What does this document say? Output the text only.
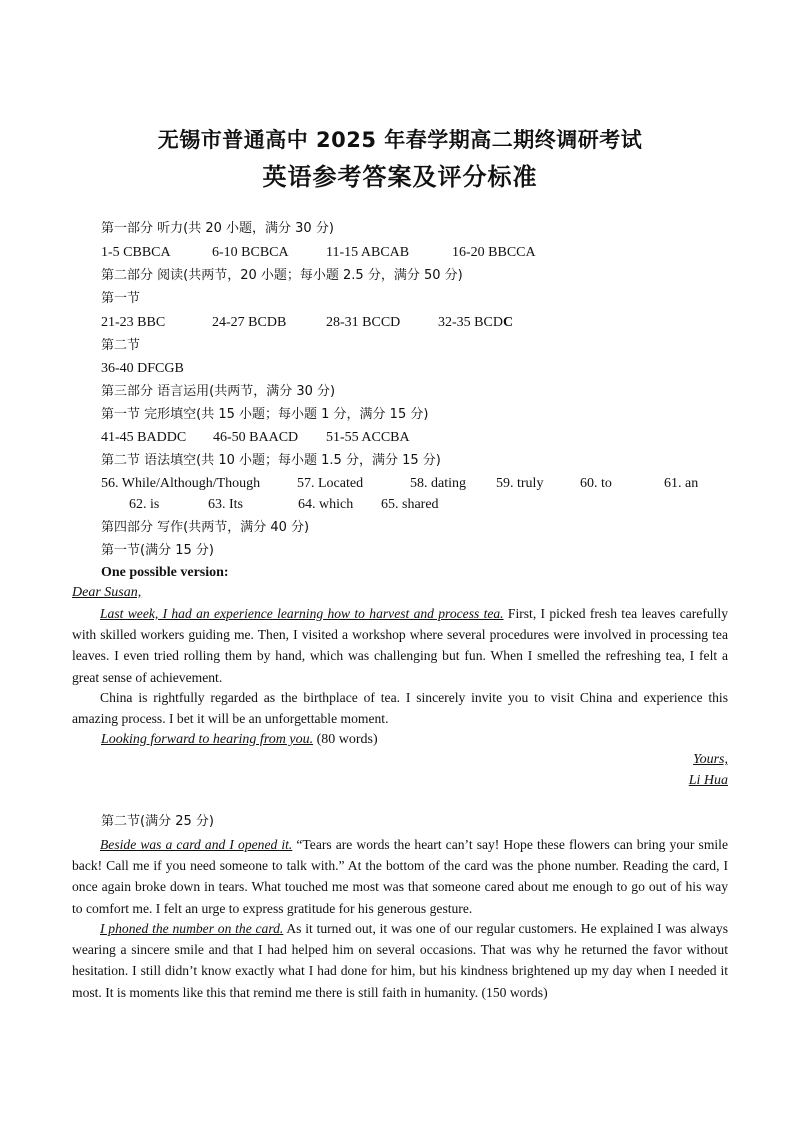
无锡市普通高中 2025 年春学期高二期终调研考试
英语参考答案及评分标准
第一部分 听力(共 20 小题，满分 30 分)
1-5 CBBCA	6-10 BCBCA	11-15 ABCAB	16-20 BBCCA
第二部分 阅读(共两节，20 小题；每小题 2.5 分，满分 50 分)
第一节
21-23 BBC	24-27 BCDB	28-31 BCCD	32-35 BCDC
第二节
36-40 DFCGB
第三部分 语言运用(共两节，满分 30 分)
第一节 完形填空(共 15 小题；每小题 1 分，满分 15 分)
41-45 BADDC 46-50 BAACD 51-55 ACCBA
第二节 语法填空(共 10 小题；每小题 1.5 分，满分 15 分)
56. While/Although/Though	57. Located	58. dating 59. truly	60. to	61. an
62. is	63. Its	64. which 65. shared
第四部分 写作(共两节，满分 40 分)
第一节(满分 15 分)
One possible version:
Dear Susan,
Last week, I had an experience learning how to harvest and process tea. First, I picked fresh tea leaves carefully with skilled workers guiding me. Then, I visited a workshop where several procedures were involved in processing tea leaves. I even tried rolling them by hand, which was challenging but fun. When I smelled the refreshing tea, I felt a great sense of achievement.
China is rightfully regarded as the birthplace of tea. I sincerely invite you to visit China and experience this amazing process. I bet it will be an unforgettable moment.
Looking forward to hearing from you. (80 words)
Yours,
Li Hua
第二节(满分 25 分)
Beside was a card and I opened it. “Tears are words the heart can’t say! Hope these flowers can bring your smile back! Call me if you need someone to talk with.” At the bottom of the card was the phone number. Reading the card, I once again broke down in tears. What touched me most was that someone cared about me enough to go out of his way to comfort me. I felt an urge to express gratitude for his generous gesture.
I phoned the number on the card. As it turned out, it was one of our regular customers. He explained I was always wearing a sincere smile and that I had helped him on several occasions. That was why he returned the favor without hesitation. I still didn’t know exactly what I had done for him, but his kindness brightened up my day when I needed it most. It is moments like this that remind me there is still faith in humanity. (150 words)
